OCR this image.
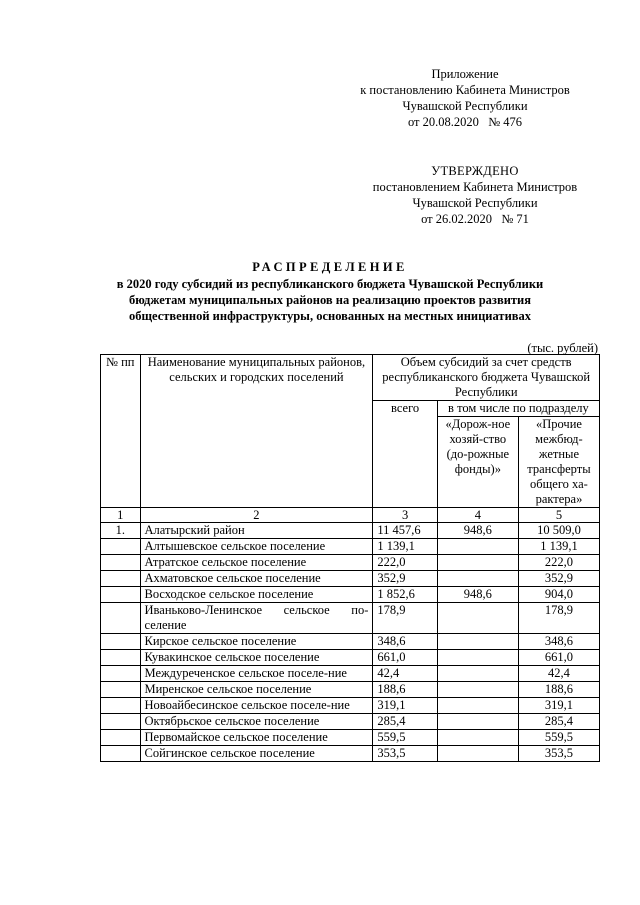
Приложение
к постановлению Кабинета Министров
Чувашской Республики
от 20.08.2020   № 476
УТВЕРЖДЕНО
постановлением Кабинета Министров
Чувашской Республики
от 26.02.2020   № 71
РАСПРЕДЕЛЕНИЕ
в 2020 году субсидий из республиканского бюджета Чувашской Республики
бюджетам муниципальных районов на реализацию проектов развития
общественной инфраструктуры, основанных на местных инициативах
(тыс. рублей)
№ пп	Наименование муниципальных районов, сельских и городских поселений	Объем субсидий за счет средств республиканского бюджета Чувашской Республики		
		всего	в том числе по подразделу	
			«Дорож-ное хозяй-ство (до-рожные фонды)»	«Прочие межбюд-жетные трансферты общего ха-рактера»
1	2	3	4	5
1.	Алатырский район	11 457,6	948,6	10 509,0
	Алтышевское сельское поселение	1 139,1		1 139,1
	Атратское сельское поселение	222,0		222,0
	Ахматовское сельское поселение	352,9		352,9
	Восходское сельское поселение	1 852,6	948,6	904,0
	Иваньково-Ленинское сельское по-селение	178,9		178,9
	Кирское сельское поселение	348,6		348,6
	Кувакинское сельское поселение	661,0		661,0
	Междуреченское сельское поселе-ние	42,4		42,4
	Миренское сельское поселение	188,6		188,6
	Новоайбесинское сельское поселе-ние	319,1		319,1
	Октябрьское сельское поселение	285,4		285,4
	Первомайское сельское поселение	559,5		559,5
	Сойгинское сельское поселение	353,5		353,5
